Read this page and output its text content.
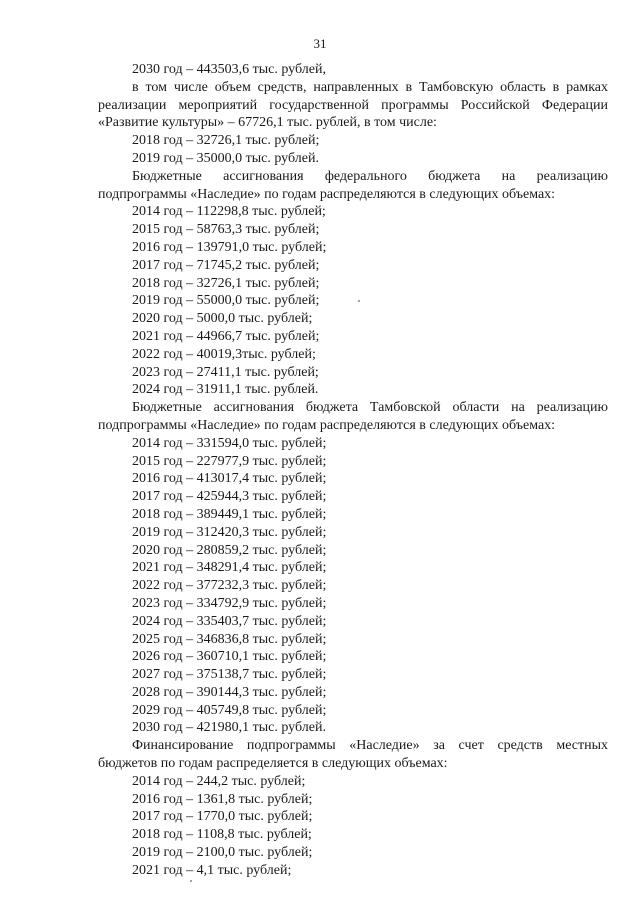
31
2030 год – 443503,6 тыс. рублей,
в том числе объем средств, направленных в Тамбовскую область в рамках реализации мероприятий государственной программы Российской Федерации «Развитие культуры» – 67726,1 тыс. рублей, в том числе:
2018 год – 32726,1 тыс. рублей;
2019 год – 35000,0 тыс. рублей.
Бюджетные ассигнования федерального бюджета на реализацию подпрограммы «Наследие» по годам распределяются в следующих объемах:
2014 год – 112298,8 тыс. рублей;
2015 год – 58763,3 тыс. рублей;
2016 год – 139791,0 тыс. рублей;
2017 год – 71745,2 тыс. рублей;
2018 год – 32726,1 тыс. рублей;
2019 год – 55000,0 тыс. рублей;
2020 год – 5000,0 тыс. рублей;
2021 год – 44966,7 тыс. рублей;
2022 год – 40019,3тыс. рублей;
2023 год – 27411,1 тыс. рублей;
2024 год – 31911,1 тыс. рублей.
Бюджетные ассигнования бюджета Тамбовской области на реализацию подпрограммы «Наследие» по годам распределяются в следующих объемах:
2014 год – 331594,0 тыс. рублей;
2015 год – 227977,9 тыс. рублей;
2016 год – 413017,4 тыс. рублей;
2017 год – 425944,3 тыс. рублей;
2018 год – 389449,1 тыс. рублей;
2019 год – 312420,3 тыс. рублей;
2020 год – 280859,2 тыс. рублей;
2021 год – 348291,4 тыс. рублей;
2022 год – 377232,3 тыс. рублей;
2023 год – 334792,9 тыс. рублей;
2024 год – 335403,7 тыс. рублей;
2025 год – 346836,8 тыс. рублей;
2026 год – 360710,1 тыс. рублей;
2027 год – 375138,7 тыс. рублей;
2028 год – 390144,3 тыс. рублей;
2029 год – 405749,8 тыс. рублей;
2030 год – 421980,1 тыс. рублей.
Финансирование подпрограммы «Наследие» за счет средств местных бюджетов по годам распределяется в следующих объемах:
2014 год – 244,2 тыс. рублей;
2016 год – 1361,8 тыс. рублей;
2017 год – 1770,0 тыс. рублей;
2018 год – 1108,8 тыс. рублей;
2019 год – 2100,0 тыс. рублей;
2021 год – 4,1 тыс. рублей;
